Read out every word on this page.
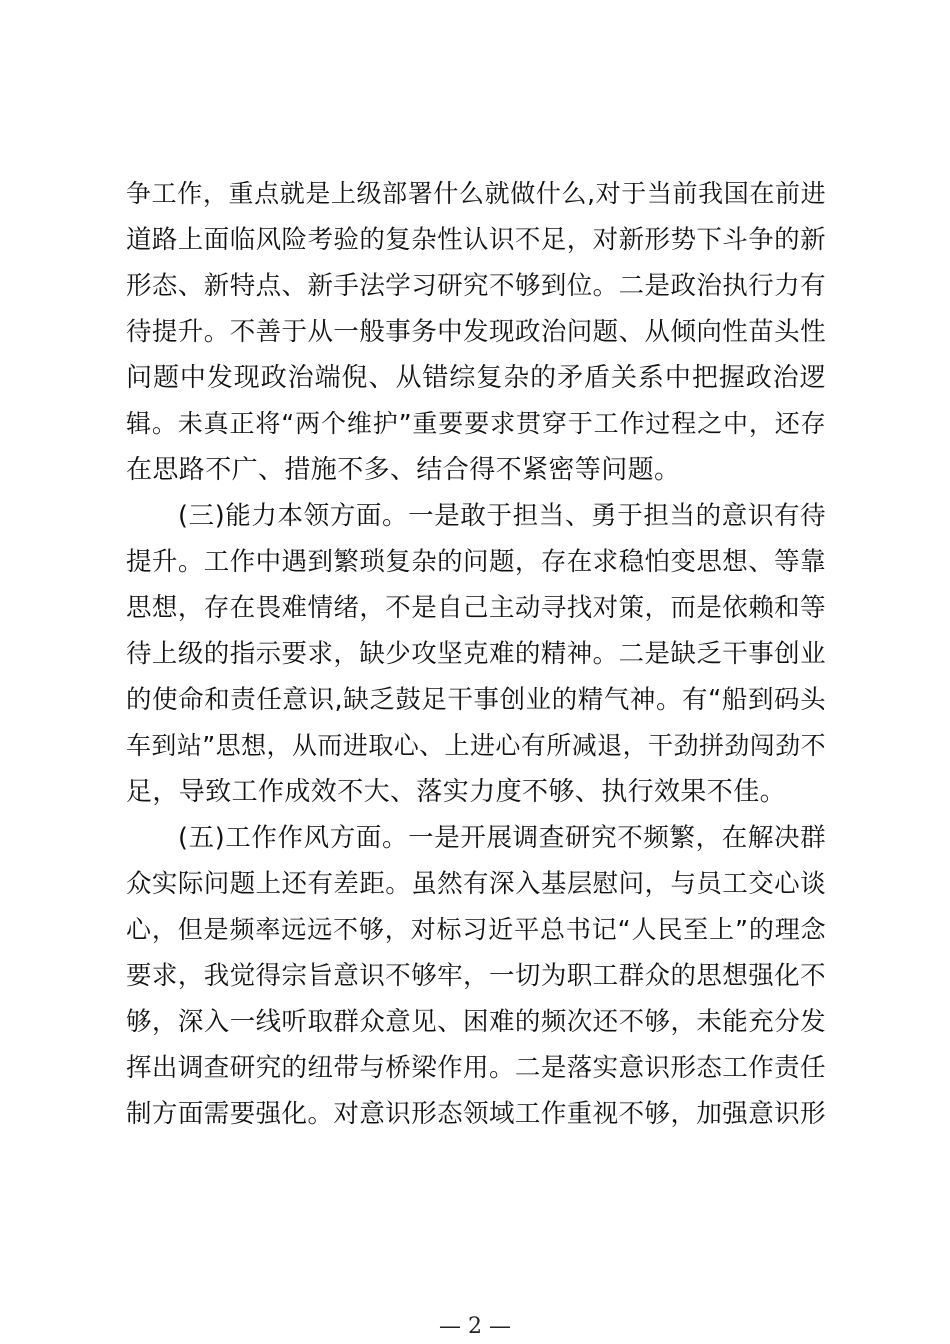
争工作，重点就是上级部署什么就做什么,对于当前我国在前进
道路上面临风险考验的复杂性认识不足，对新形势下斗争的新
形态、新特点、新手法学习研究不够到位。二是政治执行力有
待提升。不善于从一般事务中发现政治问题、从倾向性苗头性
问题中发现政治端倪、从错综复杂的矛盾关系中把握政治逻
辑。未真正将“两个维护”重要要求贯穿于工作过程之中，还存
在思路不广、措施不多、结合得不紧密等问题。
(三)能力本领方面。一是敢于担当、勇于担当的意识有待
提升。工作中遇到繁琐复杂的问题，存在求稳怕变思想、等靠
思想，存在畏难情绪，不是自己主动寻找对策，而是依赖和等
待上级的指示要求，缺少攻坚克难的精神。二是缺乏干事创业
的使命和责任意识,缺乏鼓足干事创业的精气神。有“船到码头
车到站”思想，从而进取心、上进心有所减退，干劲拼劲闯劲不
足，导致工作成效不大、落实力度不够、执行效果不佳。
(五)工作作风方面。一是开展调查研究不频繁，在解决群
众实际问题上还有差距。虽然有深入基层慰问，与员工交心谈
心，但是频率远远不够，对标习近平总书记“人民至上”的理念
要求，我觉得宗旨意识不够牢，一切为职工群众的思想强化不
够，深入一线听取群众意见、困难的频次还不够，未能充分发
挥出调查研究的纽带与桥梁作用。二是落实意识形态工作责任
制方面需要强化。对意识形态领域工作重视不够，加强意识形
— 2 —
